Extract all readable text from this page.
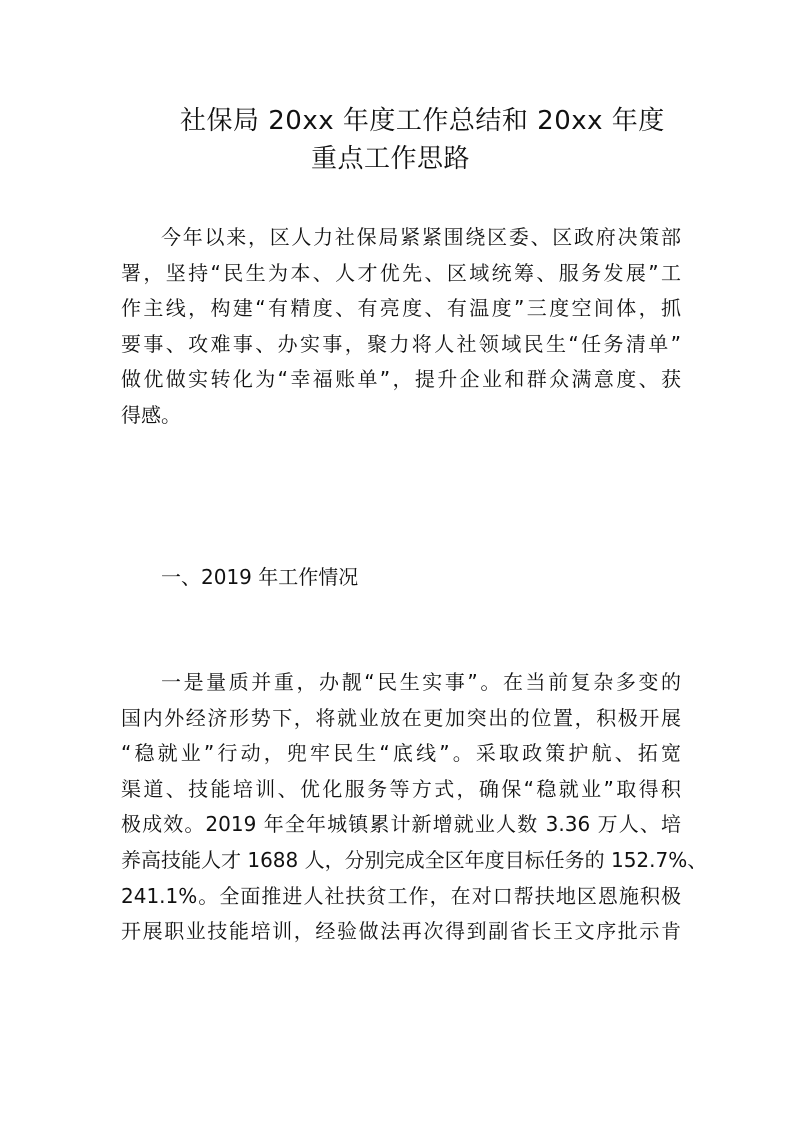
社保局 20xx 年度工作总结和 20xx 年度
重点工作思路
今年以来，区人力社保局紧紧围绕区委、区政府决策部
署，坚持“民生为本、人才优先、区域统筹、服务发展”工
作主线，构建“有精度、有亮度、有温度”三度空间体，抓
要事、攻难事、办实事，聚力将人社领域民生“任务清单”
做优做实转化为“幸福账单”，提升企业和群众满意度、获
得感。
一、2019 年工作情况
一是量质并重，办靓“民生实事”。在当前复杂多变的
国内外经济形势下，将就业放在更加突出的位置，积极开展
“稳就业”行动，兜牢民生“底线”。采取政策护航、拓宽
渠道、技能培训、优化服务等方式，确保“稳就业”取得积
极成效。2019 年全年城镇累计新增就业人数 3.36 万人、培
养高技能人才 1688 人，分别完成全区年度目标任务的 152.7%、
241.1%。全面推进人社扶贫工作，在对口帮扶地区恩施积极
开展职业技能培训，经验做法再次得到副省长王文序批示肯
